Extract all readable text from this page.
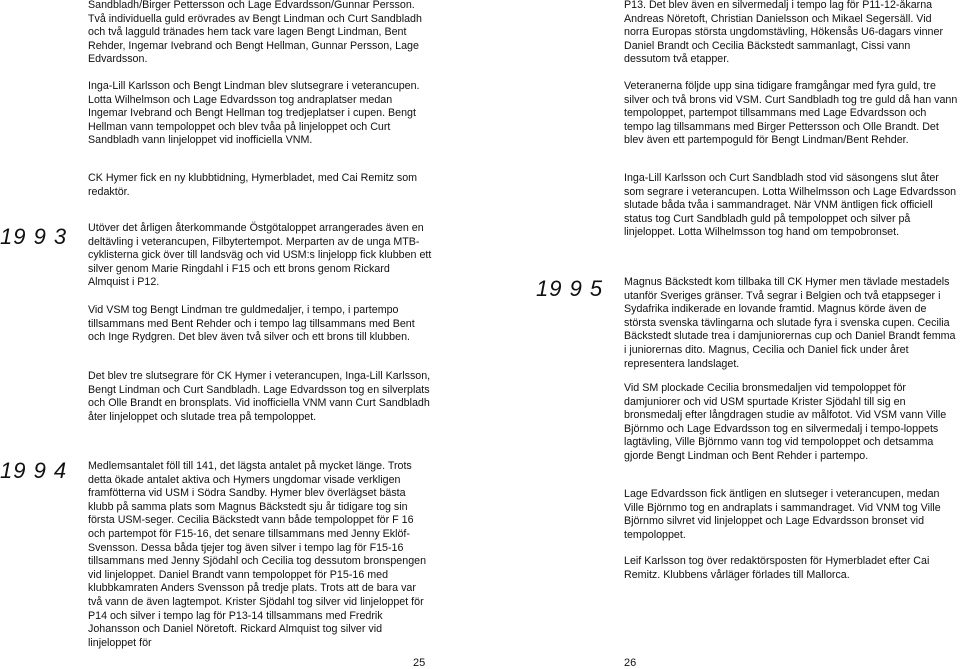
19 9 3

19 9 4

Sandbladh/Birger Pettersson och Lage Edvardsson/Gunnar Persson. Två individuella guld erövrades av Bengt Lindman och Curt Sandbladh och två lagguld tränades hem tack vare lagen Bengt Lindman, Bent Rehder, Ingemar Ivebrand och Bengt Hellman, Gunnar Persson, Lage Edvardsson.

Inga-Lill Karlsson och Bengt Lindman blev slutsegrare i veterancupen. Lotta Wilhelmson och Lage Edvardsson tog andraplatser medan Ingemar Ivebrand och Bengt Hellman tog tredjeplatser i cupen. Bengt Hellman vann tempoloppet och blev tvåa på linjeloppet och Curt Sandbladh vann linjeloppet vid inofficiella VNM.

CK Hymer fick en ny klubbtidning, Hymerbladet, med Cai Remitz som redaktör.

Utöver det årligen återkommande Östgötaloppet arrangerades även en deltävling i veterancupen, Filbytertempot. Merparten av de unga MTB-cyklisterna gick över till landsväg och vid USM:s linjelopp fick klubben ett silver genom Marie Ringdahl i F15 och ett brons genom Rickard Almquist i P12.

Vid VSM tog Bengt Lindman tre guldmedaljer, i tempo, i partempo tillsammans med Bent Rehder och i tempo lag tillsammans med Bent och Inge Rydgren. Det blev även två silver och ett brons till klubben.

Det blev tre slutsegrare för CK Hymer i veterancupen, Inga-Lill Karlsson, Bengt Lindman och Curt Sandbladh. Lage Edvardsson tog en silverplats och Olle Brandt en bronsplats. Vid inofficiella VNM vann Curt Sandbladh åter linjeloppet och slutade trea på tempoloppet.

Medlemsantalet föll till 141, det lägsta antalet på mycket länge. Trots detta ökade antalet aktiva och Hymers ungdomar visade verkligen framfötterna vid USM i Södra Sandby. Hymer blev överlägset bästa klubb på samma plats som Magnus Bäckstedt sju år tidigare tog sin första USM-seger. Cecilia Bäckstedt vann både tempoloppet för F 16 och partempot för F15-16, det senare tillsammans med Jenny Eklöf-Svensson. Dessa båda tjejer tog även silver i tempo lag för F15-16 tillsammans med Jenny Sjödahl och Cecilia tog dessutom bronspengen vid linjeloppet. Daniel Brandt vann tempoloppet för P15-16 med klubbkamraten Anders Svensson på tredje plats. Trots att de bara var två vann de även lagtempot. Krister Sjödahl tog silver vid linjeloppet för P14 och silver i tempo lag för P13-14 tillsammans med Fredrik Johansson och Daniel Nöretoft. Rickard Almquist tog silver vid linjeloppet för

25

19 9 5

P13. Det blev även en silvermedalj i tempo lag för P11-12-åkarna Andreas Nöretoft, Christian Danielsson och Mikael Segersäll. Vid norra Europas största ungdomstävling, Hökensås U6-dagars vinner Daniel Brandt och Cecilia Bäckstedt sammanlagt, Cissi vann dessutom två etapper.

Veteranerna följde upp sina tidigare framgångar med fyra guld, tre silver och två brons vid VSM. Curt Sandbladh tog tre guld då han vann tempoloppet, partempot tillsammans med Lage Edvardsson och tempo lag tillsammans med Birger Pettersson och Olle Brandt. Det blev även ett partempoguld för Bengt Lindman/Bent Rehder.

Inga-Lill Karlsson och Curt Sandbladh stod vid säsongens slut åter som segrare i veterancupen. Lotta Wilhelmsson och Lage Edvardsson slutade båda tvåa i sammandraget. När VNM äntligen fick officiell status tog Curt Sandbladh guld på tempoloppet och silver på linjeloppet. Lotta Wilhelmsson tog hand om tempobronset.

Magnus Bäckstedt kom tillbaka till CK Hymer men tävlade mestadels utanför Sveriges gränser. Två segrar i Belgien och två etappseger i Sydafrika indikerade en lovande framtid. Magnus körde även de största svenska tävlingarna och slutade fyra i svenska cupen. Cecilia Bäckstedt slutade trea i damjuniorernas cup och Daniel Brandt femma i juniorernas dito. Magnus, Cecilia och Daniel fick under året representera landslaget.

Vid SM plockade Cecilia bronsmedaljen vid tempoloppet för damjuniorer och vid USM spurtade Krister Sjödahl till sig en bronsmedalj efter långdragen studie av målfotot. Vid VSM vann Ville Björnmo och Lage Edvardsson tog en silvermedalj i tempo-loppets lagtävling, Ville Björnmo vann tog vid tempoloppet och detsamma gjorde Bengt Lindman och Bent Rehder i partempo.

Lage Edvardsson fick äntligen en slutseger i veterancupen, medan Ville Björnmo tog en andraplats i sammandraget. Vid VNM tog Ville Björnmo silvret vid linjeloppet och Lage Edvardsson bronset vid tempoloppet.

Leif Karlsson tog över redaktörsposten för Hymerbladet efter Cai Remitz. Klubbens vårläger förlades till Mallorca.

26
